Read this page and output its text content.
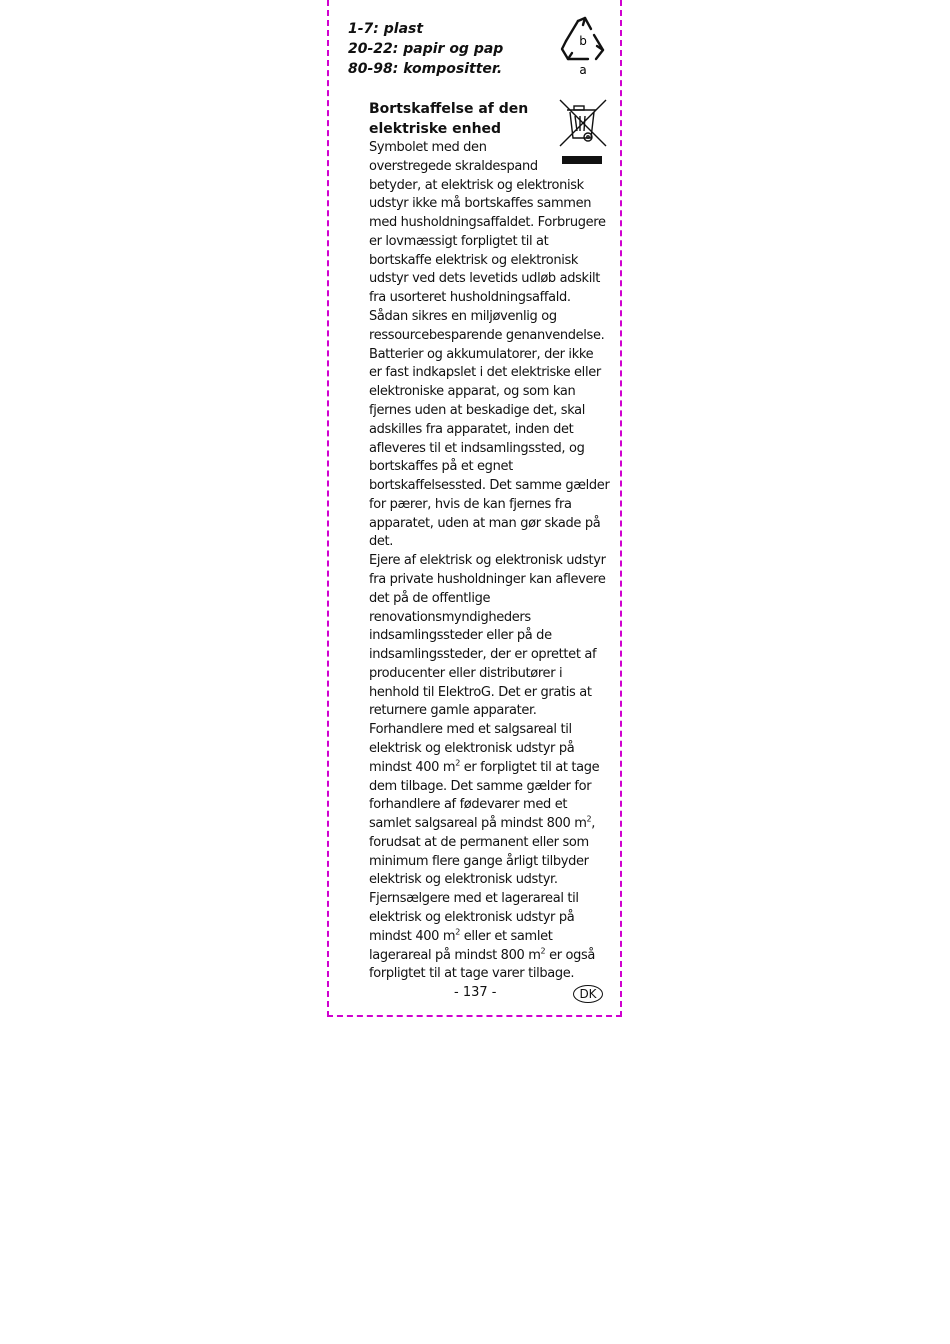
1-7: plast
20-22: papir og pap
80-98: kompositter.
b
a
Bortskaffelse af den
elektriske enhed
Symbolet med den
overstregede skraldespand
betyder, at elektrisk og elektronisk
udstyr ikke må bortskaffes sammen
med husholdningsaffaldet. Forbrugere
er lovmæssigt forpligtet til at
bortskaffe elektrisk og elektronisk
udstyr ved dets levetids udløb adskilt
fra usorteret husholdningsaffald.
Sådan sikres en miljøvenlig og
ressourcebesparende genanvendelse.
Batterier og akkumulatorer, der ikke
er fast indkapslet i det elektriske eller
elektroniske apparat, og som kan
fjernes uden at beskadige det, skal
adskilles fra apparatet, inden det
afleveres til et indsamlingssted, og
bortskaffes på et egnet
bortskaffelsessted. Det samme gælder
for pærer, hvis de kan fjernes fra
apparatet, uden at man gør skade på
det.
Ejere af elektrisk og elektronisk udstyr
fra private husholdninger kan aflevere
det på de offentlige
renovationsmyndigheders
indsamlingssteder eller på de
indsamlingssteder, der er oprettet af
producenter eller distributører i
henhold til ElektroG. Det er gratis at
returnere gamle apparater.
Forhandlere med et salgsareal til
elektrisk og elektronisk udstyr på
mindst 400 $m^2$ er forpligtet til at tage
dem tilbage. Det samme gælder for
forhandlere af fødevarer med et
samlet salgsareal på mindst 800 $m^2$,
forudsat at de permanent eller som
minimum flere gange årligt tilbyder
elektrisk og elektronisk udstyr.
Fjernsælgere med et lagerareal til
elektrisk og elektronisk udstyr på
mindst 400 $m^2$ eller et samlet
lagerareal på mindst 800 $m^2$ er også
forpligtet til at tage varer tilbage.
- 137 -	DK
